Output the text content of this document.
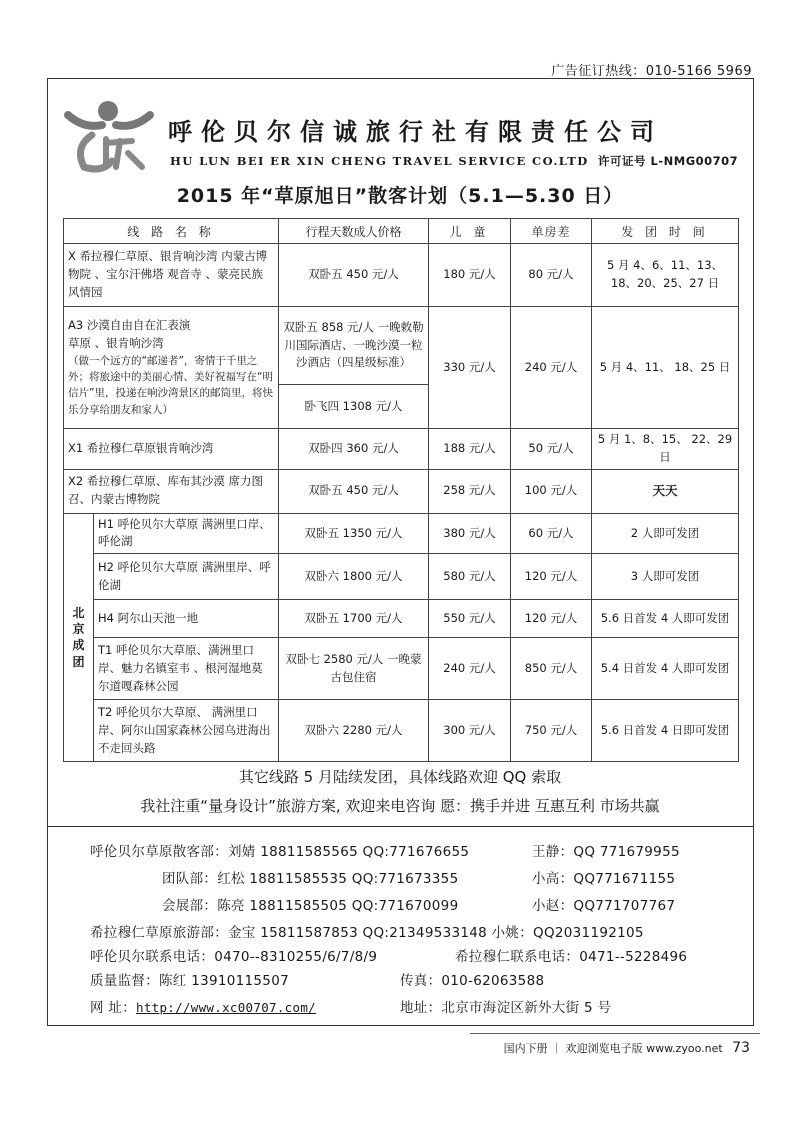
广告征订热线：010-5166 5969
呼伦贝尔信诚旅行社有限责任公司
HU LUN BEI ER XIN CHENG TRAVEL SERVICE CO.LTD 许可证号 L-NMG00707
2015 年“草原旭日”散客计划（5.1—5.30 日）
线 路 名 称		行程天数成人价格	儿 童	单房差	发 团 时 间
X 希拉穆仁草原、银肯响沙湾 内蒙古博物院 、宝尔汗佛塔 观音寺 、蒙亮民族风情园		双卧五 450 元/人	180 元/人	80 元/人	5 月 4、6、11、13、 18、20、25、27 日

A3 沙漠自由自在汇表演
草原 、银肯响沙湾
（做一个远方的“邮递者”，寄情于千里之外；将旅途中的美丽心情、美好祝福写在“明信片”里，投递在响沙湾景区的邮筒里，将快乐分享给朋友和家人）		双卧五 858 元/人 一晚敕勒川国际酒店、一晚沙漠一粒沙酒店（四星级标准）	330 元/人	240 元/人	5 月 4、11、 18、25 日
		卧飞四 1308 元/人			
X1 希拉穆仁草原银肯响沙湾		双卧四 360 元/人	188 元/人	50 元/人	5 月 1、8、15、 22、29 日
X2 希拉穆仁草原、库布其沙漠 席力图召、内蒙古博物院		双卧五 450 元/人	258 元/人	100 元/人	天天
北京成团	H1 呼伦贝尔大草原 满洲里口岸、呼伦湖	双卧五 1350 元/人	380 元/人	60 元/人	2 人即可发团
	H2 呼伦贝尔大草原 满洲里岸、呼伦湖	双卧六 1800 元/人	580 元/人	120 元/人	3 人即可发团
	H4 阿尔山天池一地	双卧五 1700 元/人	550 元/人	120 元/人	5.6 日首发 4 人即可发团
	T1 呼伦贝尔大草原、满洲里口岸、魅力名镇室韦 、根河湿地莫尔道嘎森林公园	双卧七 2580 元/人 一晚蒙古包住宿	240 元/人	850 元/人	5.4 日首发 4 人即可发团
	T2 呼伦贝尔大草原、 满洲里口岸、阿尔山国家森林公园乌进海出不走回头路	双卧六 2280 元/人	300 元/人	750 元/人	5.6 日首发 4 日即可发团
其它线路 5 月陆续发团，具体线路欢迎 QQ 索取
我社注重“量身设计”旅游方案, 欢迎来电咨询 愿：携手并进 互惠互利 市场共赢
呼伦贝尔草原散客部：刘婧 18811585565 QQ:771676655	王静：QQ 771679955
团队部：红松 18811585535 QQ:771673355	小高：QQ771671155
会展部：陈亮 18811585505 QQ:771670099	小赵：QQ771707767
希拉穆仁草原旅游部：金宝 15811587853 QQ:21349533148 小姚：QQ2031192105
呼伦贝尔联系电话：0470--8310255/6/7/8/9	希拉穆仁联系电话：0471--5228496
质量监督：陈红 13910115507	传真：010-62063588
网 址：http://www.xc00707.com/	地址：北京市海淀区新外大街 5 号
国内下册 ｜ 欢迎浏览电子版 www.zyoo.net 73
